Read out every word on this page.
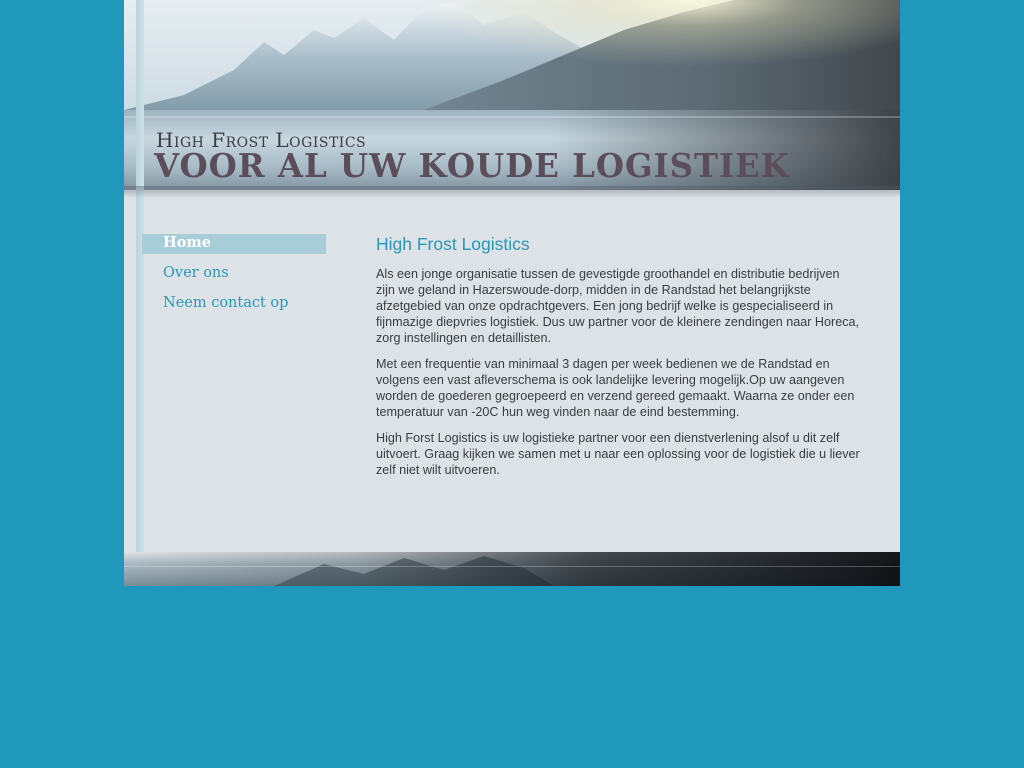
High Frost Logistics
VOOR AL UW KOUDE LOGISTIEK
Home
Over ons
Neem contact op
High Frost Logistics

Als een jonge organisatie tussen de gevestigde groothandel en distributie bedrijven zijn we geland in Hazerswoude-dorp, midden in de Randstad het belangrijkste afzetgebied van onze opdrachtgevers. Een jong bedrijf welke is gespecialiseerd in fijnmazige diepvries logistiek. Dus uw partner voor de kleinere zendingen naar Horeca, zorg instellingen en detaillisten.

Met een frequentie van minimaal 3 dagen per week bedienen we de Randstad en volgens een vast afleverschema is ook landelijke levering mogelijk.Op uw aangeven worden de goederen gegroepeerd en verzend gereed gemaakt. Waarna ze onder een temperatuur van -20C hun weg vinden naar de eind bestemming.

High Forst Logistics is uw logistieke partner voor een dienstverlening alsof u dit zelf uitvoert. Graag kijken we samen met u naar een oplossing voor de logistiek die u liever zelf niet wilt uitvoeren.
